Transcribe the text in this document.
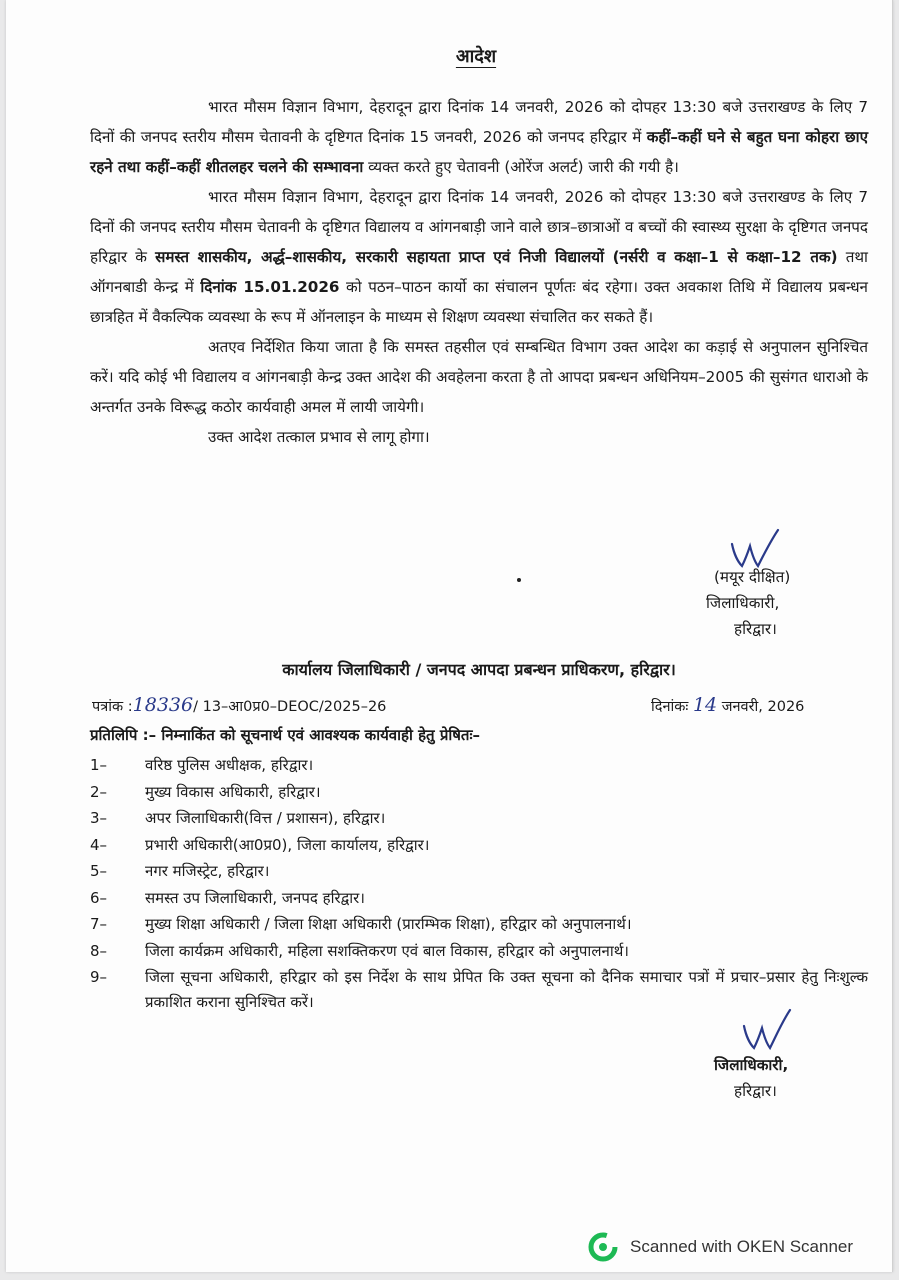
आदेश

भारत मौसम विज्ञान विभाग, देहरादून द्वारा दिनांक 14 जनवरी, 2026 को दोपहर 13:30 बजे उत्तराखण्ड के लिए 7 दिनों की जनपद स्तरीय मौसम चेतावनी के दृष्टिगत दिनांक 15 जनवरी, 2026 को जनपद हरिद्वार में कहीं–कहीं घने से बहुत घना कोहरा छाए रहने तथा कहीं–कहीं शीतलहर चलने की सम्भावना व्यक्त करते हुए चेतावनी (ओरेंज अलर्ट) जारी की गयी है।

भारत मौसम विज्ञान विभाग, देहरादून द्वारा दिनांक 14 जनवरी, 2026 को दोपहर 13:30 बजे उत्तराखण्ड के लिए 7 दिनों की जनपद स्तरीय मौसम चेतावनी के दृष्टिगत विद्यालय व आंगनबाड़ी जाने वाले छात्र–छात्राओं व बच्चों की स्वास्थ्य सुरक्षा के दृष्टिगत जनपद हरिद्वार के समस्त शासकीय, अर्द्ध–शासकीय, सरकारी सहायता प्राप्त एवं निजी विद्यालयों (नर्सरी व कक्षा–1 से कक्षा–12 तक) तथा ऑगनबाडी केन्द्र में दिनांक 15.01.2026 को पठन–पाठन कार्यो का संचालन पूर्णतः बंद रहेगा। उक्त अवकाश तिथि में विद्यालय प्रबन्धन छात्रहित में वैकल्पिक व्यवस्था के रूप में ऑनलाइन के माध्यम से शिक्षण व्यवस्था संचालित कर सकते हैं।

अतएव निर्देशित किया जाता है कि समस्त तहसील एवं सम्बन्धित विभाग उक्त आदेश का कड़ाई से अनुपालन सुनिश्चित करें। यदि कोई भी विद्यालय व आंगनबाड़ी केन्द्र उक्त आदेश की अवहेलना करता है तो आपदा प्रबन्धन अधिनियम–2005 की सुसंगत धाराओ के अन्तर्गत उनके विरूद्ध कठोर कार्यवाही अमल में लायी जायेगी।

उक्त आदेश तत्काल प्रभाव से लागू होगा।

(मयूर दीक्षित)
जिलाधिकारी,
हरिद्वार।
कार्यालय जिलाधिकारी / जनपद आपदा प्रबन्धन प्राधिकरण, हरिद्वार।
पत्रांक :18336/ 13–आ0प्र0–DEOC/2025–26	दिनांकः 14 जनवरी, 2026
प्रतिलिपि :– निम्नाकिंत को सूचनार्थ एवं आवश्यक कार्यवाही हेतु प्रेषितः–
1–	वरिष्ठ पुलिस अधीक्षक, हरिद्वार।
2–	मुख्य विकास अधिकारी, हरिद्वार।
3–	अपर जिलाधिकारी(वित्त / प्रशासन), हरिद्वार।
4–	प्रभारी अधिकारी(आ0प्र0), जिला कार्यालय, हरिद्वार।
5–	नगर मजिस्ट्रेट, हरिद्वार।
6–	समस्त उप जिलाधिकारी, जनपद हरिद्वार।
7–	मुख्य शिक्षा अधिकारी / जिला शिक्षा अधिकारी (प्रारम्भिक शिक्षा), हरिद्वार को अनुपालनार्थ।
8–	जिला कार्यक्रम अधिकारी, महिला सशक्तिकरण एवं बाल विकास, हरिद्वार को अनुपालनार्थ।
9–	जिला सूचना अधिकारी, हरिद्वार को इस निर्देश के साथ प्रेपित कि उक्त सूचना को दैनिक समाचार पत्रों में प्रचार–प्रसार हेतु निःशुल्क प्रकाशित कराना सुनिश्चित करें।
जिलाधिकारी,
हरिद्वार।
Scanned with OKEN Scanner
